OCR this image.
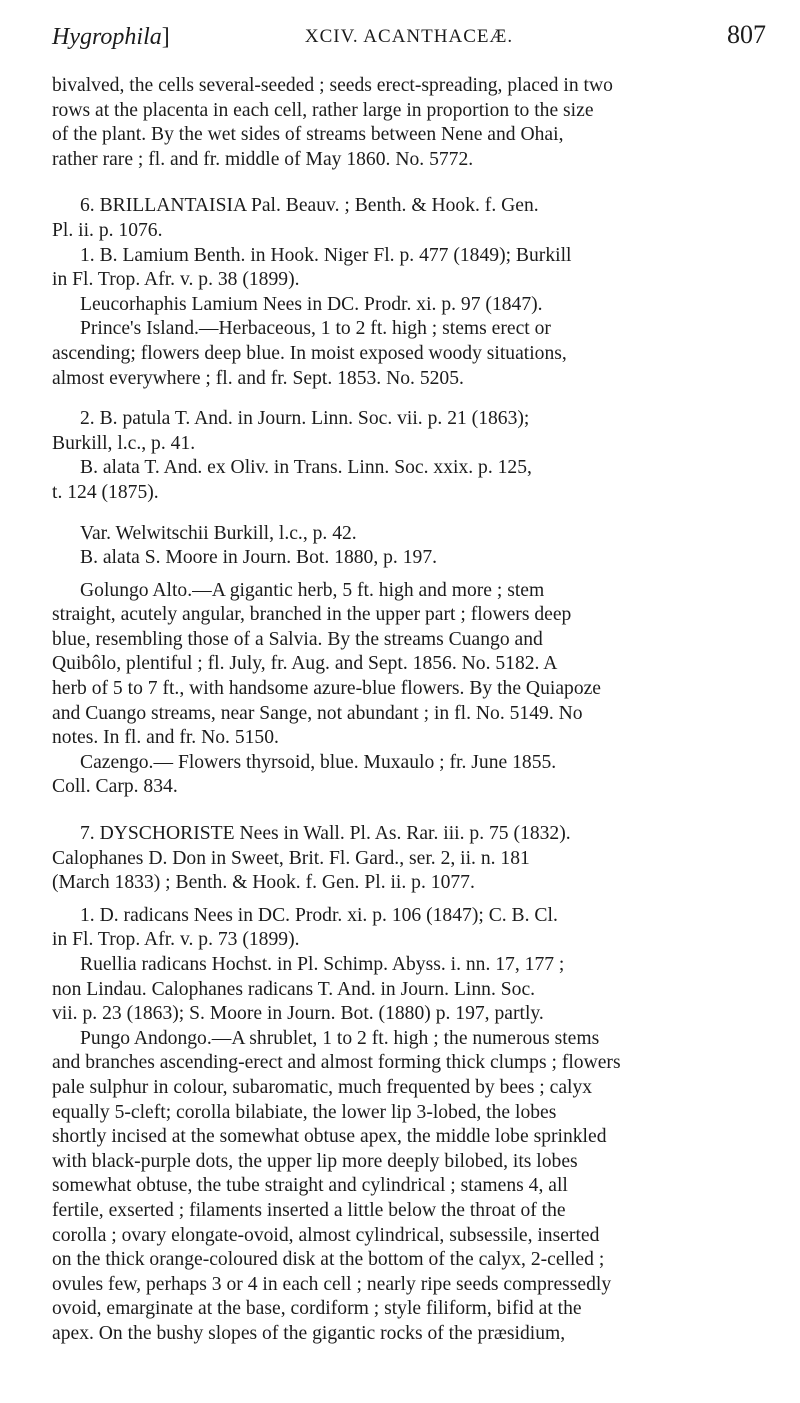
Hygrophila]	XCIV. ACANTHACEÆ.	807
bivalved, the cells several-seeded ; seeds erect-spreading, placed in two
rows at the placenta in each cell, rather large in proportion to the size
of the plant. By the wet sides of streams between Nene and Ohai,
rather rare ; fl. and fr. middle of May 1860. No. 5772.
6. BRILLANTAISIA Pal. Beauv. ; Benth. & Hook. f. Gen.
Pl. ii. p. 1076.
1. B. Lamium Benth. in Hook. Niger Fl. p. 477 (1849); Burkill
in Fl. Trop. Afr. v. p. 38 (1899).
Leucorhaphis Lamium Nees in DC. Prodr. xi. p. 97 (1847).
Prince's Island.—Herbaceous, 1 to 2 ft. high ; stems erect or
ascending; flowers deep blue. In moist exposed woody situations,
almost everywhere ; fl. and fr. Sept. 1853. No. 5205.
2. B. patula T. And. in Journ. Linn. Soc. vii. p. 21 (1863);
Burkill, l.c., p. 41.
B. alata T. And. ex Oliv. in Trans. Linn. Soc. xxix. p. 125,
t. 124 (1875).
Var. Welwitschii Burkill, l.c., p. 42.
B. alata S. Moore in Journ. Bot. 1880, p. 197.
Golungo Alto.—A gigantic herb, 5 ft. high and more ; stem
straight, acutely angular, branched in the upper part ; flowers deep
blue, resembling those of a Salvia. By the streams Cuango and
Quibôlo, plentiful ; fl. July, fr. Aug. and Sept. 1856. No. 5182. A
herb of 5 to 7 ft., with handsome azure-blue flowers. By the Quiapoze
and Cuango streams, near Sange, not abundant ; in fl. No. 5149. No
notes. In fl. and fr. No. 5150.
Cazengo.— Flowers thyrsoid, blue. Muxaulo ; fr. June 1855.
Coll. Carp. 834.
7. DYSCHORISTE Nees in Wall. Pl. As. Rar. iii. p. 75 (1832).
Calophanes D. Don in Sweet, Brit. Fl. Gard., ser. 2, ii. n. 181
(March 1833) ; Benth. & Hook. f. Gen. Pl. ii. p. 1077.
1. D. radicans Nees in DC. Prodr. xi. p. 106 (1847); C. B. Cl.
in Fl. Trop. Afr. v. p. 73 (1899).
Ruellia radicans Hochst. in Pl. Schimp. Abyss. i. nn. 17, 177 ;
non Lindau. Calophanes radicans T. And. in Journ. Linn. Soc.
vii. p. 23 (1863); S. Moore in Journ. Bot. (1880) p. 197, partly.
Pungo Andongo.—A shrublet, 1 to 2 ft. high ; the numerous stems
and branches ascending-erect and almost forming thick clumps ; flowers
pale sulphur in colour, subaromatic, much frequented by bees ; calyx
equally 5-cleft; corolla bilabiate, the lower lip 3-lobed, the lobes
shortly incised at the somewhat obtuse apex, the middle lobe sprinkled
with black-purple dots, the upper lip more deeply bilobed, its lobes
somewhat obtuse, the tube straight and cylindrical ; stamens 4, all
fertile, exserted ; filaments inserted a little below the throat of the
corolla ; ovary elongate-ovoid, almost cylindrical, subsessile, inserted
on the thick orange-coloured disk at the bottom of the calyx, 2-celled ;
ovules few, perhaps 3 or 4 in each cell ; nearly ripe seeds compressedly
ovoid, emarginate at the base, cordiform ; style filiform, bifid at the
apex. On the bushy slopes of the gigantic rocks of the præsidium,
